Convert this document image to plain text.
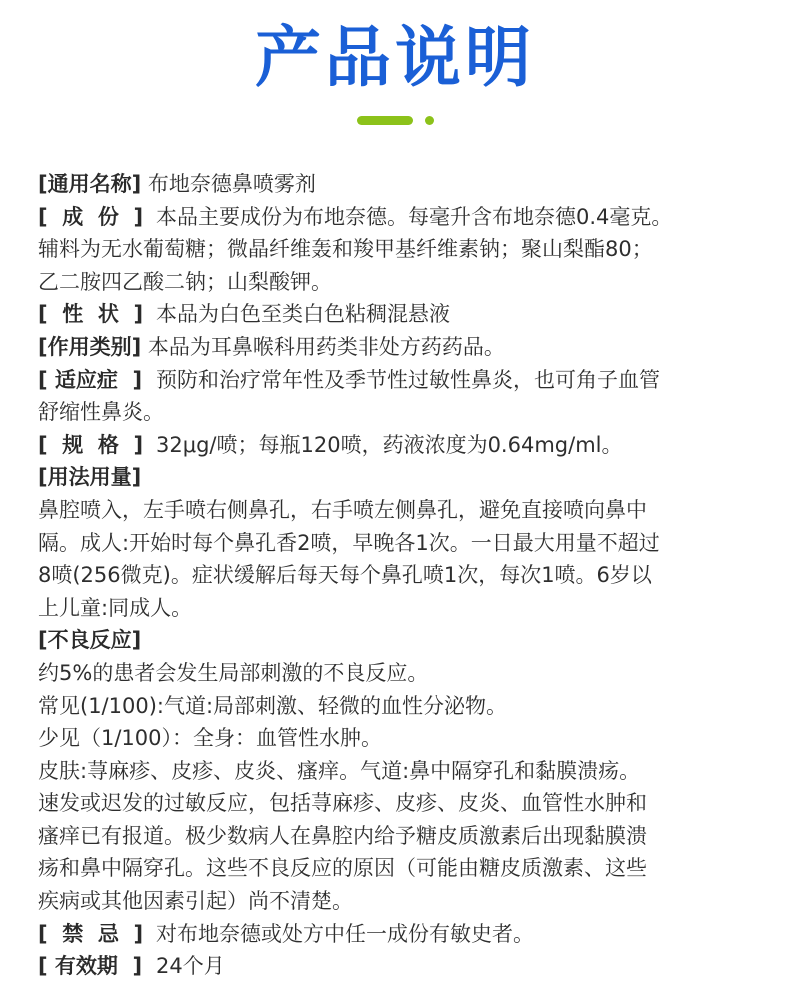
产品说明
[通用名称] 布地奈德鼻喷雾剂
[  成  份  ] 本品主要成份为布地奈德。每毫升含布地奈德0.4毫克。
辅料为无水葡萄糖；微晶纤维轰和羧甲基纤维素钠；聚山梨酯80；
乙二胺四乙酸二钠；山梨酸钾。
[  性  状  ] 本品为白色至类白色粘稠混悬液
[作用类别] 本品为耳鼻喉科用药类非处方药药品。
[ 适应症  ] 预防和治疗常年性及季节性过敏性鼻炎，也可角子血管
舒缩性鼻炎。
[  规  格  ] 32μg/喷；每瓶120喷，药液浓度为0.64mg/ml。
[用法用量]
鼻腔喷入，左手喷右侧鼻孔，右手喷左侧鼻孔，避免直接喷向鼻中
隔。成人:开始时每个鼻孔香2喷，早晚各1次。一日最大用量不超过
8喷(256微克)。症状缓解后每天每个鼻孔喷1次，每次1喷。6岁以
上儿童:同成人。
[不良反应]
约5%的患者会发生局部刺激的不良反应。
常见(1/100):气道:局部刺激、轻微的血性分泌物。
少见（1/100）：全身：血管性水肿。
皮肤:荨麻疹、皮疹、皮炎、瘙痒。气道:鼻中隔穿孔和黏膜溃疡。
速发或迟发的过敏反应，包括荨麻疹、皮疹、皮炎、血管性水肿和
瘙痒已有报道。极少数病人在鼻腔内给予糖皮质激素后出现黏膜溃
疡和鼻中隔穿孔。这些不良反应的原因（可能由糖皮质激素、这些
疾病或其他因素引起）尚不清楚。
[  禁  忌  ] 对布地奈德或处方中任一成份有敏史者。
[ 有效期  ] 24个月
